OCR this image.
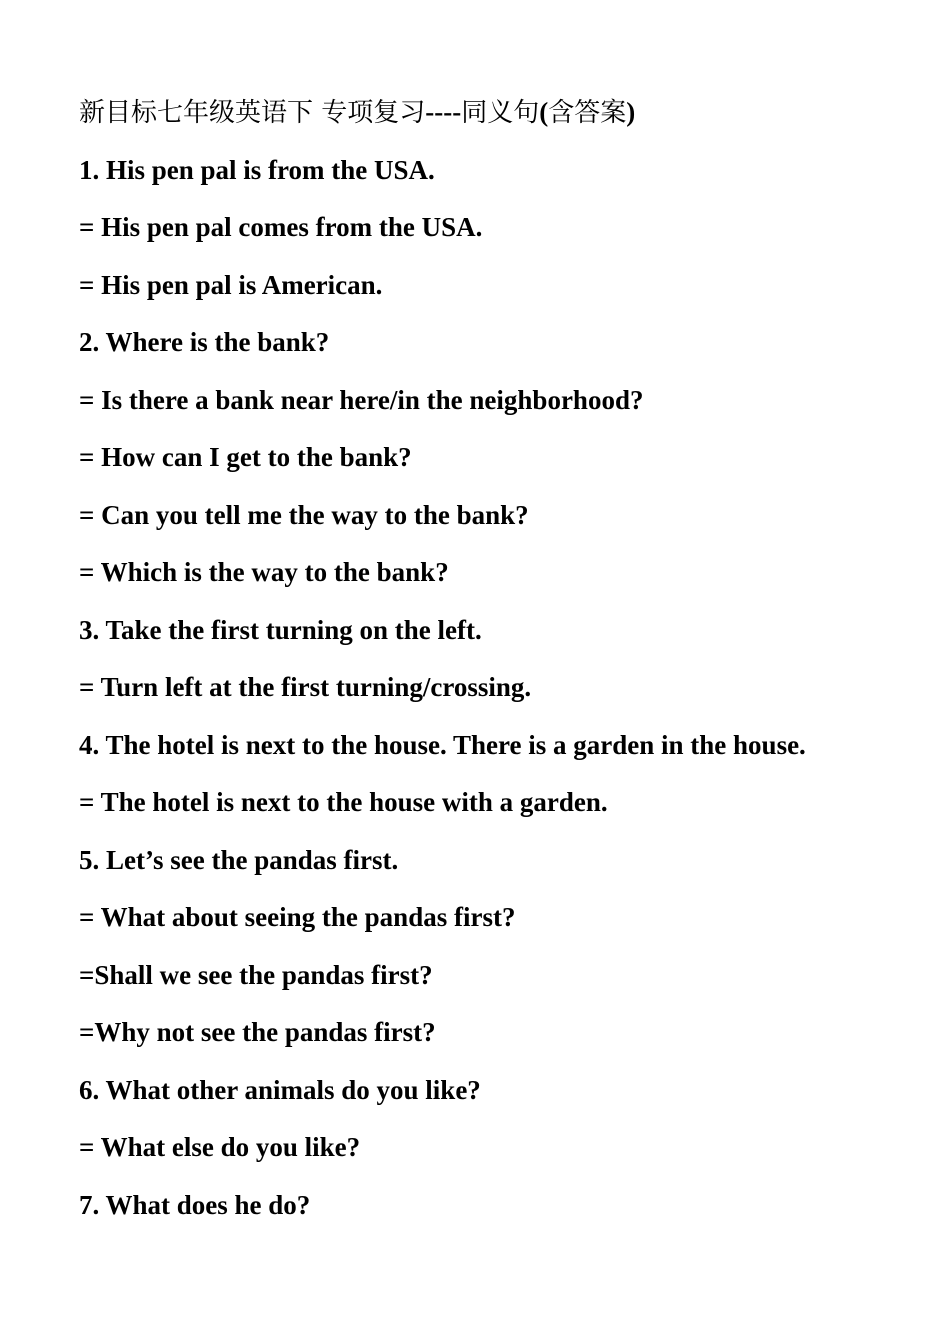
新目标七年级英语下 专项复习----同义句(含答案)
1. His pen pal is from the USA.
= His pen pal comes from the USA.
= His pen pal is American.
2. Where is the bank?
= Is there a bank near here/in the neighborhood?
= How can I get to the bank?
= Can you tell me the way to the bank?
= Which is the way to the bank?
3. Take the first turning on the left.
= Turn left at the first turning/crossing.
4. The hotel is next to the house. There is a garden in the house.
= The hotel is next to the house with a garden.
5. Let’s see the pandas first.
= What about seeing the pandas first?
=Shall we see the pandas first?
=Why not see the pandas first?
6. What other animals do you like?
= What else do you like?
7. What does he do?
